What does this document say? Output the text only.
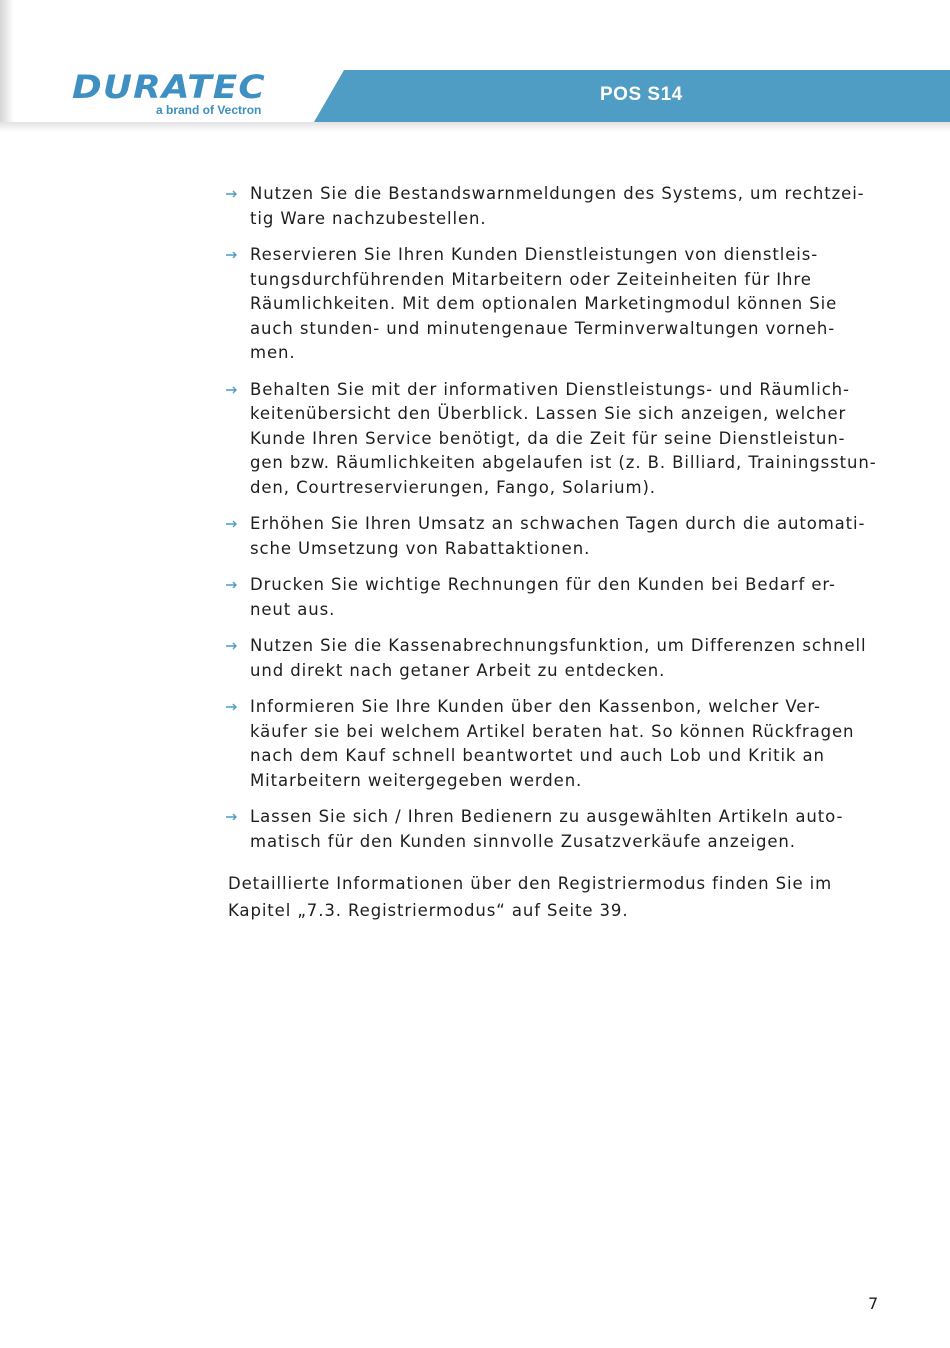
DURATEC
a brand of Vectron
POS S14
Nutzen Sie die Bestandswarnmeldungen des Systems, um rechtzei-
tig Ware nachzubestellen.
Reservieren Sie Ihren Kunden Dienstleistungen von dienstleis-
tungsdurchführenden Mitarbeitern oder Zeiteinheiten für Ihre
Räumlichkeiten. Mit dem optionalen Marketingmodul können Sie
auch stunden- und minutengenaue Terminverwaltungen vorneh-
men.
Behalten Sie mit der informativen Dienstleistungs- und Räumlich-
keitenübersicht den Überblick. Lassen Sie sich anzeigen, welcher
Kunde Ihren Service benötigt, da die Zeit für seine Dienstleistun-
gen bzw. Räumlichkeiten abgelaufen ist (z. B. Billiard, Trainingsstun-
den, Courtreservierungen, Fango, Solarium).
Erhöhen Sie Ihren Umsatz an schwachen Tagen durch die automati-
sche Umsetzung von Rabattaktionen.
Drucken Sie wichtige Rechnungen für den Kunden bei Bedarf er-
neut aus.
Nutzen Sie die Kassenabrechnungsfunktion, um Differenzen schnell
und direkt nach getaner Arbeit zu entdecken.
Informieren Sie Ihre Kunden über den Kassenbon, welcher Ver-
käufer sie bei welchem Artikel beraten hat. So können Rückfragen
nach dem Kauf schnell beantwortet und auch Lob und Kritik an
Mitarbeitern weitergegeben werden.
Lassen Sie sich / Ihren Bedienern zu ausgewählten Artikeln auto-
matisch für den Kunden sinnvolle Zusatzverkäufe anzeigen.

Detaillierte Informationen über den Registriermodus finden Sie im
Kapitel „7.3. Registriermodus“ auf Seite 39.

7
